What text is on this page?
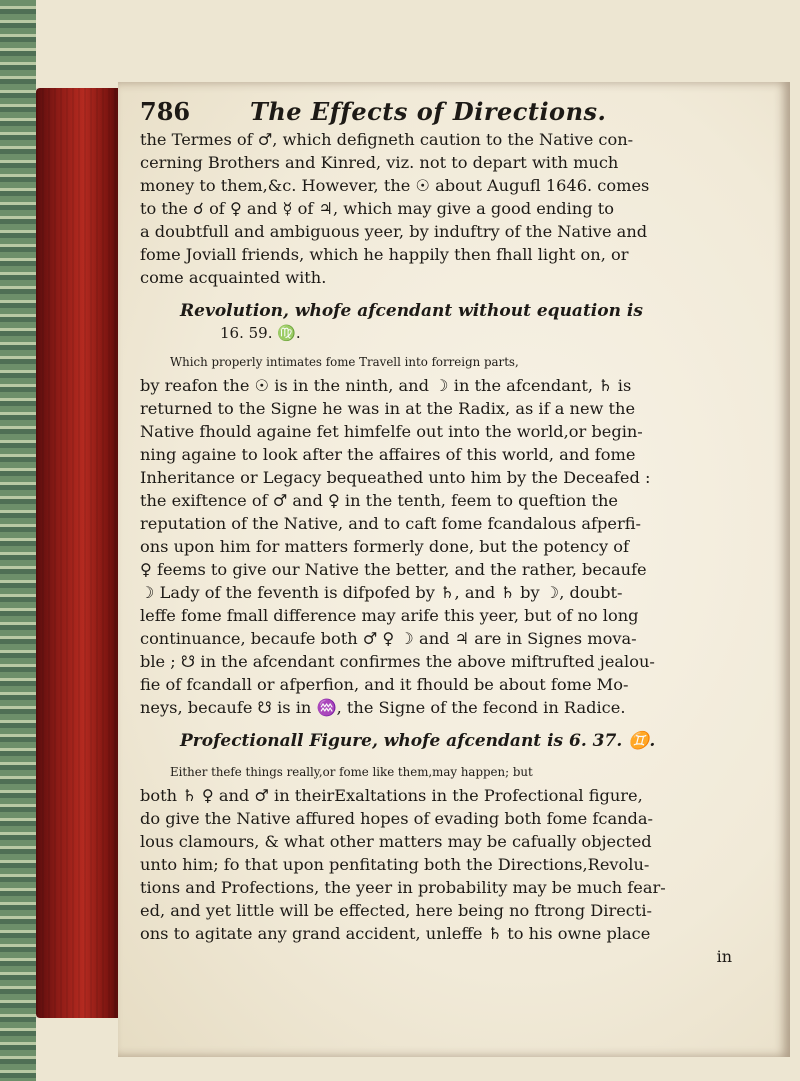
786	The Effects of Directions.

the Termes of ♂, which defigneth caution to the Native con-
cerning Brothers and Kinred, viz. not to depart with much
money to them,&c. However, the ☉ about Augufl 1646. comes
to the ☌ of ♀ and ☿ of ♃, which may give a good ending to
a doubtfull and ambiguous yeer, by induftry of the Native and
fome Joviall friends, which he happily then fhall light on, or
come acquainted with.

Revolution, whofe afcendant without equation is
16. 59. ♍.

Which properly intimates fome Travell into forreign parts,
by reafon the ☉ is in the ninth, and ☽ in the afcendant, ♄ is
returned to the Signe he was in at the Radix, as if a new the
Native fhould againe fet himfelfe out into the world,or begin-
ning againe to look after the affaires of this world, and fome
Inheritance or Legacy bequeathed unto him by the Deceafed :
the exiftence of ♂ and ♀ in the tenth, feem to queftion the
reputation of the Native, and to caft fome fcandalous afperfi-
ons upon him for matters formerly done, but the potency of
♀ feems to give our Native the better, and the rather, becaufe
☽ Lady of the feventh is difpofed by ♄, and ♄ by ☽, doubt-
leffe fome fmall difference may arife this yeer, but of no long
continuance, becaufe both ♂ ♀ ☽ and ♃ are in Signes mova-
ble ; ☋ in the afcendant confirmes the above miftrufted jealou-
fie of fcandall or afperfion, and it fhould be about fome Mo-
neys, becaufe ☋ is in ♒, the Signe of the fecond in Radice.

Profectionall Figure, whofe afcendant is 6. 37. ♊.

Either thefe things really,or fome like them,may happen; but
both ♄ ♀ and ♂ in theirExaltations in the Profectional figure,
do give the Native affured hopes of evading both fome fcanda-
lous clamours, & what other matters may be cafually objected
unto him; fo that upon penfitating both the Directions,Revolu-
tions and Profections, the yeer in probability may be much fear-
ed, and yet little will be effected, here being no ftrong Directi-
ons to agitate any grand accident, unleffe ♄ to his owne place

in
